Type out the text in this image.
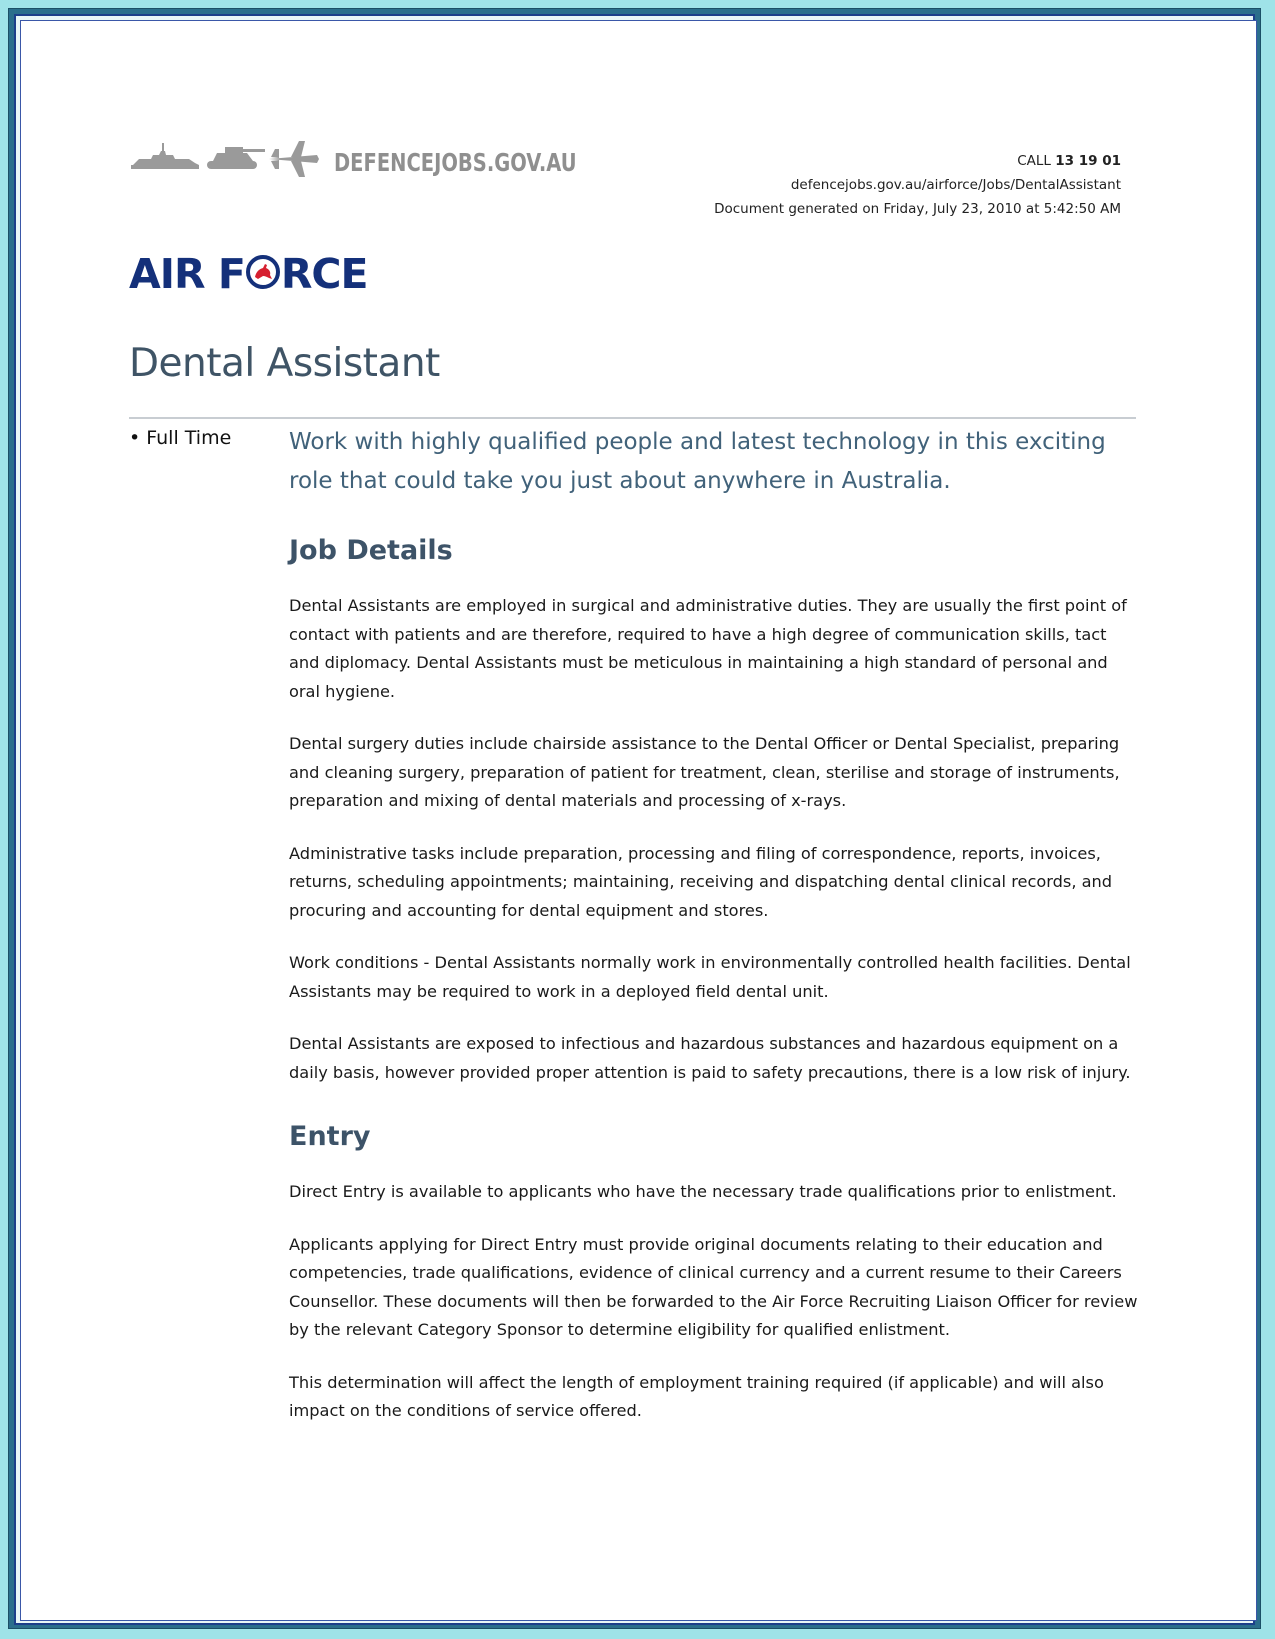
DEFENCEJOBS.GOV.AU	CALL 13 19 01
defencejobs.gov.au/airforce/Jobs/DentalAssistant
Document generated on Friday, July 23, 2010 at 5:42:50 AM
AIR F RCE
Dental Assistant
• Full Time	Work with highly qualified people and latest technology in this exciting role that could take you just about anywhere in Australia.

Job Details

Dental Assistants are employed in surgical and administrative duties. They are usually the first point of contact with patients and are therefore, required to have a high degree of communication skills, tact and diplomacy. Dental Assistants must be meticulous in maintaining a high standard of personal and oral hygiene.

Dental surgery duties include chairside assistance to the Dental Officer or Dental Specialist, preparing and cleaning surgery, preparation of patient for treatment, clean, sterilise and storage of instruments, preparation and mixing of dental materials and processing of x-rays.

Administrative tasks include preparation, processing and filing of correspondence, reports, invoices, returns, scheduling appointments; maintaining, receiving and dispatching dental clinical records, and procuring and accounting for dental equipment and stores.

Work conditions - Dental Assistants normally work in environmentally controlled health facilities. Dental Assistants may be required to work in a deployed field dental unit.

Dental Assistants are exposed to infectious and hazardous substances and hazardous equipment on a daily basis, however provided proper attention is paid to safety precautions, there is a low risk of injury.

Entry

Direct Entry is available to applicants who have the necessary trade qualifications prior to enlistment.

Applicants applying for Direct Entry must provide original documents relating to their education and competencies, trade qualifications, evidence of clinical currency and a current resume to their Careers Counsellor. These documents will then be forwarded to the Air Force Recruiting Liaison Officer for review by the relevant Category Sponsor to determine eligibility for qualified enlistment.

This determination will affect the length of employment training required (if applicable) and will also impact on the conditions of service offered.
